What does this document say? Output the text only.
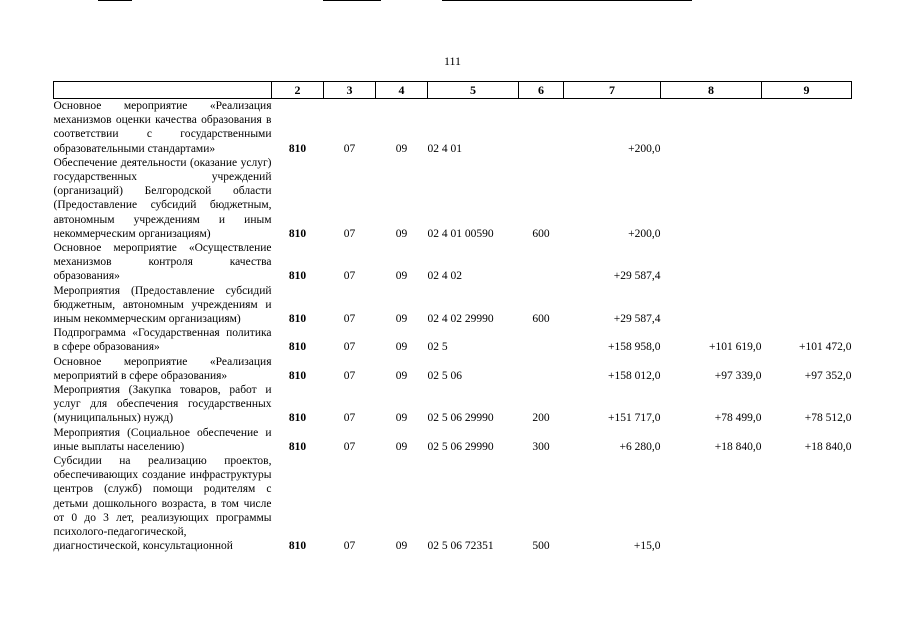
111
	2	3	4	5	6	7	8	9
Основное мероприятие «Реализация механизмов оценки качества образования в соответствии с государственными образовательными стандартами»	810	07	09	02 4 01		+200,0		
Обеспечение деятельности (оказание услуг) государственных учреждений (организаций) Белгородской области (Предоставление субсидий бюджетным, автономным учреждениям и иным некоммерческим организациям)	810	07	09	02 4 01 00590	600	+200,0		
Основное мероприятие «Осуществление механизмов контроля качества образования»	810	07	09	02 4 02		+29 587,4		
Мероприятия (Предоставление субсидий бюджетным, автономным учреждениям и иным некоммерческим организациям)	810	07	09	02 4 02 29990	600	+29 587,4		
Подпрограмма «Государственная политика в сфере образования»	810	07	09	02 5		+158 958,0	+101 619,0	+101 472,0
Основное мероприятие «Реализация мероприятий в сфере образования»	810	07	09	02 5 06		+158 012,0	+97 339,0	+97 352,0
Мероприятия (Закупка товаров, работ и услуг для обеспечения государственных (муниципальных) нужд)	810	07	09	02 5 06 29990	200	+151 717,0	+78 499,0	+78 512,0
Мероприятия (Социальное обеспечение и иные выплаты населению)	810	07	09	02 5 06 29990	300	+6 280,0	+18 840,0	+18 840,0
Субсидии на реализацию проектов, обеспечивающих создание инфраструктуры центров (служб) помощи родителям с детьми дошкольного возраста, в том числе от 0 до 3 лет, реализующих программы психолого-педагогической, диагностической, консультационной	810	07	09	02 5 06 72351	500	+15,0		
